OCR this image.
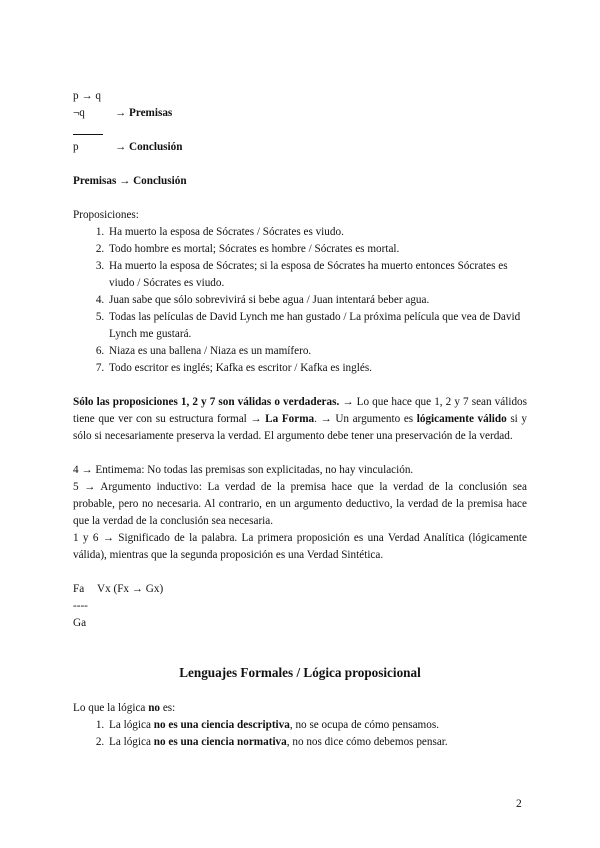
p → q
¬q	→ Premisas
p	→ Conclusión
Premisas → Conclusión
Proposiciones:
1. Ha muerto la esposa de Sócrates / Sócrates es viudo.
2. Todo hombre es mortal; Sócrates es hombre / Sócrates es mortal.
3. Ha muerto la esposa de Sócrates; si la esposa de Sócrates ha muerto entonces Sócrates es viudo / Sócrates es viudo.
4. Juan sabe que sólo sobrevivirá si bebe agua / Juan intentará beber agua.
5. Todas las películas de David Lynch me han gustado / La próxima película que vea de David Lynch me gustará.
6. Niaza es una ballena / Niaza es un mamífero.
7. Todo escritor es inglés; Kafka es escritor / Kafka es inglés.
Sólo las proposiciones 1, 2 y 7 son válidas o verdaderas. → Lo que hace que 1, 2 y 7 sean válidos tiene que ver con su estructura formal → La Forma. → Un argumento es lógicamente válido si y sólo si necesariamente preserva la verdad. El argumento debe tener una preservación de la verdad.
4 → Entimema: No todas las premisas son explicitadas, no hay vinculación.
5 → Argumento inductivo: La verdad de la premisa hace que la verdad de la conclusión sea probable, pero no necesaria. Al contrario, en un argumento deductivo, la verdad de la premisa hace que la verdad de la conclusión sea necesaria.
1 y 6 → Significado de la palabra. La primera proposición es una Verdad Analítica (lógicamente válida), mientras que la segunda proposición es una Verdad Sintética.
Fa Vx (Fx → Gx)
----
Ga
Lenguajes Formales / Lógica proposicional
Lo que la lógica no es:
1. La lógica no es una ciencia descriptiva, no se ocupa de cómo pensamos.
2. La lógica no es una ciencia normativa, no nos dice cómo debemos pensar.
2
